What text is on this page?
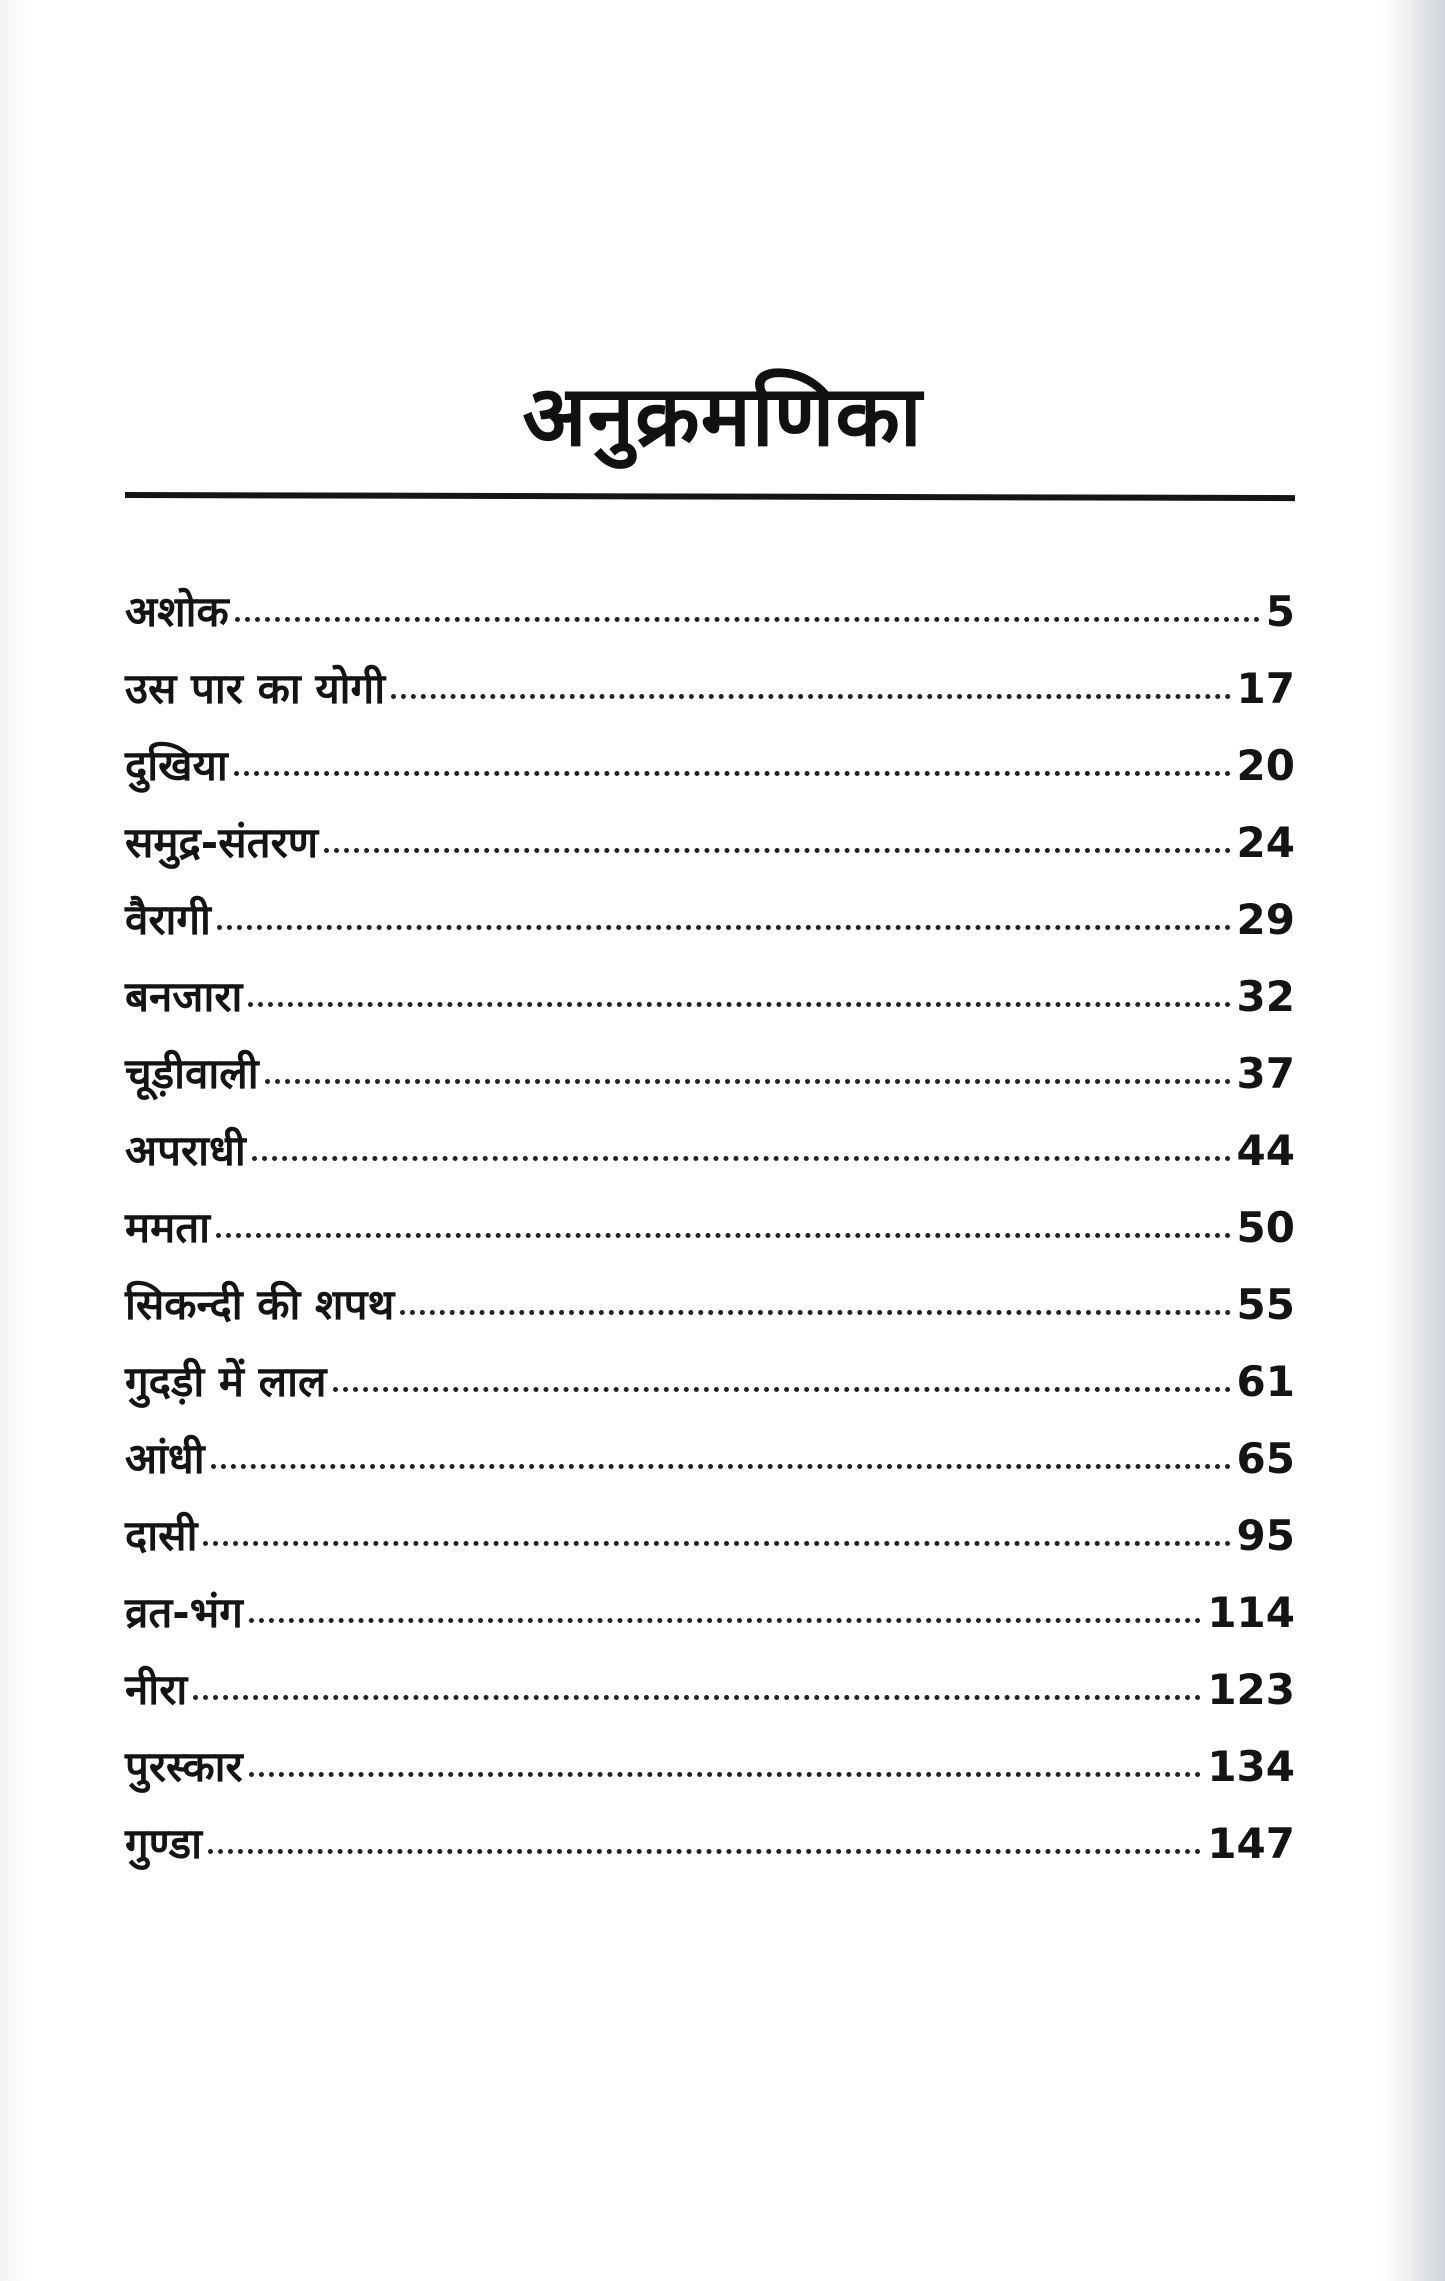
अनुक्रमणिका
अशोक	5
उस पार का योगी	17
दुखिया	20
समुद्र-संतरण	24
वैरागी	29
बनजारा	32
चूड़ीवाली	37
अपराधी	44
ममता	50
सिकन्दी की शपथ	55
गुदड़ी में लाल	61
आंधी	65
दासी	95
व्रत-भंग	114
नीरा	123
पुरस्कार	134
गुण्डा	147
